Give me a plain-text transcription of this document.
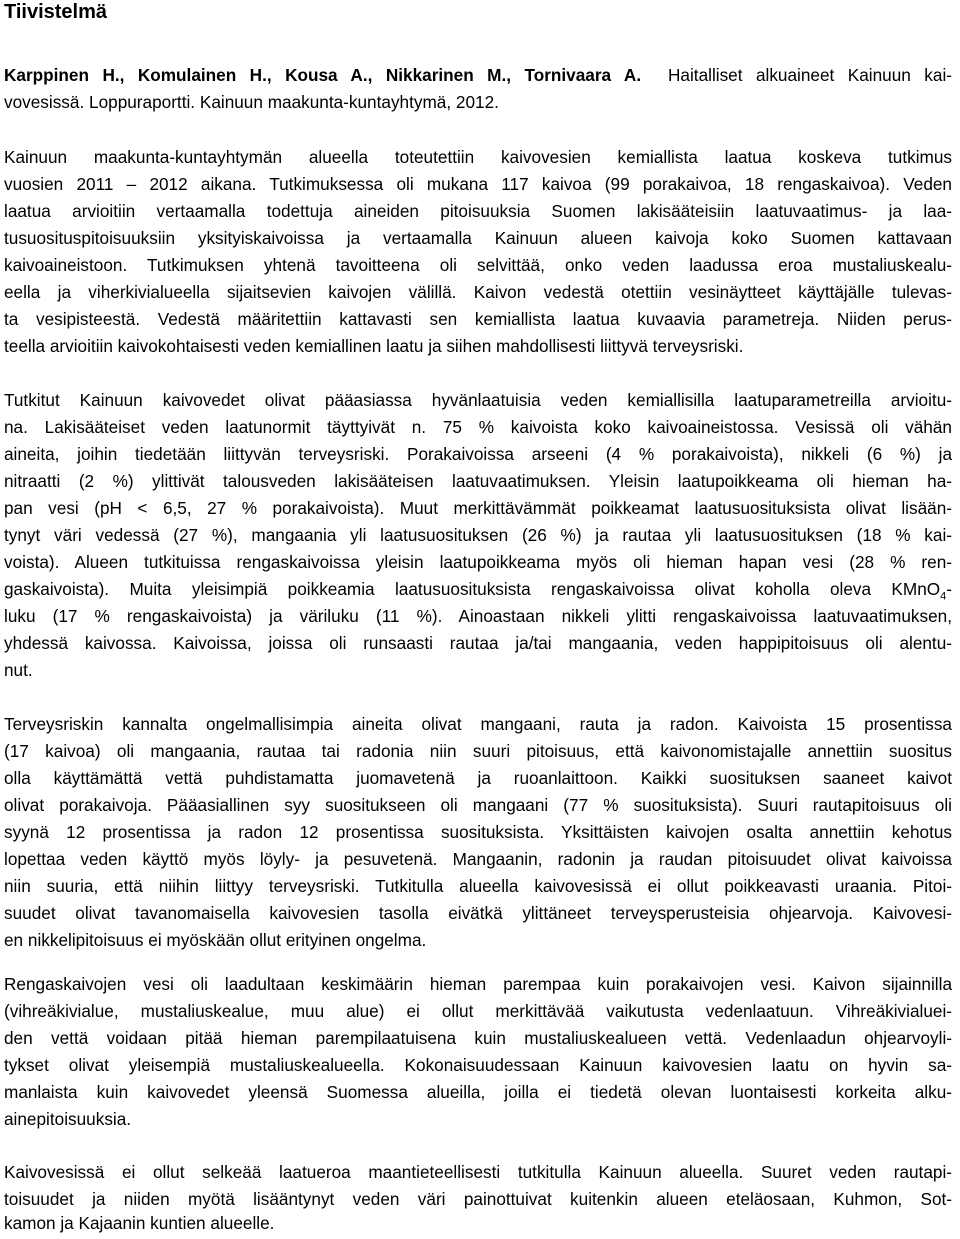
Tiivistelmä
Karppinen H., Komulainen H., Kousa A., Nikkarinen M., Tornivaara A. Haitalliset alkuaineet Kainuun kai-
vovesissä. Loppuraportti. Kainuun maakunta-kuntayhtymä, 2012.
Kainuun maakunta-kuntayhtymän alueella toteutettiin kaivovesien kemiallista laatua koskeva tutkimus
vuosien 2011 – 2012 aikana. Tutkimuksessa oli mukana 117 kaivoa (99 porakaivoa, 18 rengaskaivoa). Veden
laatua arvioitiin vertaamalla todettuja aineiden pitoisuuksia Suomen lakisääteisiin laatuvaatimus- ja laa-
tusuosituspitoisuuksiin yksityiskaivoissa ja vertaamalla Kainuun alueen kaivoja koko Suomen kattavaan
kaivoaineistoon. Tutkimuksen yhtenä tavoitteena oli selvittää, onko veden laadussa eroa mustaliuskealu-
eella ja viherkivialueella sijaitsevien kaivojen välillä. Kaivon vedestä otettiin vesinäytteet käyttäjälle tulevas-
ta vesipisteestä. Vedestä määritettiin kattavasti sen kemiallista laatua kuvaavia parametreja. Niiden perus-
teella arvioitiin kaivokohtaisesti veden kemiallinen laatu ja siihen mahdollisesti liittyvä terveysriski.
Tutkitut Kainuun kaivovedet olivat pääasiassa hyvänlaatuisia veden kemiallisilla laatuparametreilla arvioitu-
na. Lakisääteiset veden laatunormit täyttyivät n. 75 % kaivoista koko kaivoaineistossa. Vesissä oli vähän
aineita, joihin tiedetään liittyvän terveysriski. Porakaivoissa arseeni (4 % porakaivoista), nikkeli (6 %) ja
nitraatti (2 %) ylittivät talousveden lakisääteisen laatuvaatimuksen. Yleisin laatupoikkeama oli hieman ha-
pan vesi (pH < 6,5, 27 % porakaivoista). Muut merkittävämmät poikkeamat laatusuosituksista olivat lisään-
tynyt väri vedessä (27 %), mangaania yli laatusuosituksen (26 %) ja rautaa yli laatusuosituksen (18 % kai-
voista). Alueen tutkituissa rengaskaivoissa yleisin laatupoikkeama myös oli hieman hapan vesi (28 % ren-
gaskaivoista). Muita yleisimpiä poikkeamia laatusuosituksista rengaskaivoissa olivat koholla oleva KMnO$_4$-
luku (17 % rengaskaivoista) ja väriluku (11 %). Ainoastaan nikkeli ylitti rengaskaivoissa laatuvaatimuksen,
yhdessä kaivossa. Kaivoissa, joissa oli runsaasti rautaa ja/tai mangaania, veden happipitoisuus oli alentu-
nut.
Terveysriskin kannalta ongelmallisimpia aineita olivat mangaani, rauta ja radon. Kaivoista 15 prosentissa
(17 kaivoa) oli mangaania, rautaa tai radonia niin suuri pitoisuus, että kaivonomistajalle annettiin suositus
olla käyttämättä vettä puhdistamatta juomavetenä ja ruoanlaittoon. Kaikki suosituksen saaneet kaivot
olivat porakaivoja. Pääasiallinen syy suositukseen oli mangaani (77 % suosituksista). Suuri rautapitoisuus oli
syynä 12 prosentissa ja radon 12 prosentissa suosituksista. Yksittäisten kaivojen osalta annettiin kehotus
lopettaa veden käyttö myös löyly- ja pesuvetenä. Mangaanin, radonin ja raudan pitoisuudet olivat kaivoissa
niin suuria, että niihin liittyy terveysriski. Tutkitulla alueella kaivovesissä ei ollut poikkeavasti uraania. Pitoi-
suudet olivat tavanomaisella kaivovesien tasolla eivätkä ylittäneet terveysperusteisia ohjearvoja. Kaivovesi-
en nikkelipitoisuus ei myöskään ollut erityinen ongelma.
Rengaskaivojen vesi oli laadultaan keskimäärin hieman parempaa kuin porakaivojen vesi. Kaivon sijainnilla
(vihreäkivialue, mustaliuskealue, muu alue) ei ollut merkittävää vaikutusta vedenlaatuun. Vihreäkivialuei-
den vettä voidaan pitää hieman parempilaatuisena kuin mustaliuskealueen vettä. Vedenlaadun ohjearvoyli-
tykset olivat yleisempiä mustaliuskealueella. Kokonaisuudessaan Kainuun kaivovesien laatu on hyvin sa-
manlaista kuin kaivovedet yleensä Suomessa alueilla, joilla ei tiedetä olevan luontaisesti korkeita alku-
ainepitoisuuksia.
Kaivovesissä ei ollut selkeää laatueroa maantieteellisesti tutkitulla Kainuun alueella. Suuret veden rautapi-
toisuudet ja niiden myötä lisääntynyt veden väri painottuivat kuitenkin alueen eteläosaan, Kuhmon, Sot-
kamon ja Kajaanin kuntien alueelle.
